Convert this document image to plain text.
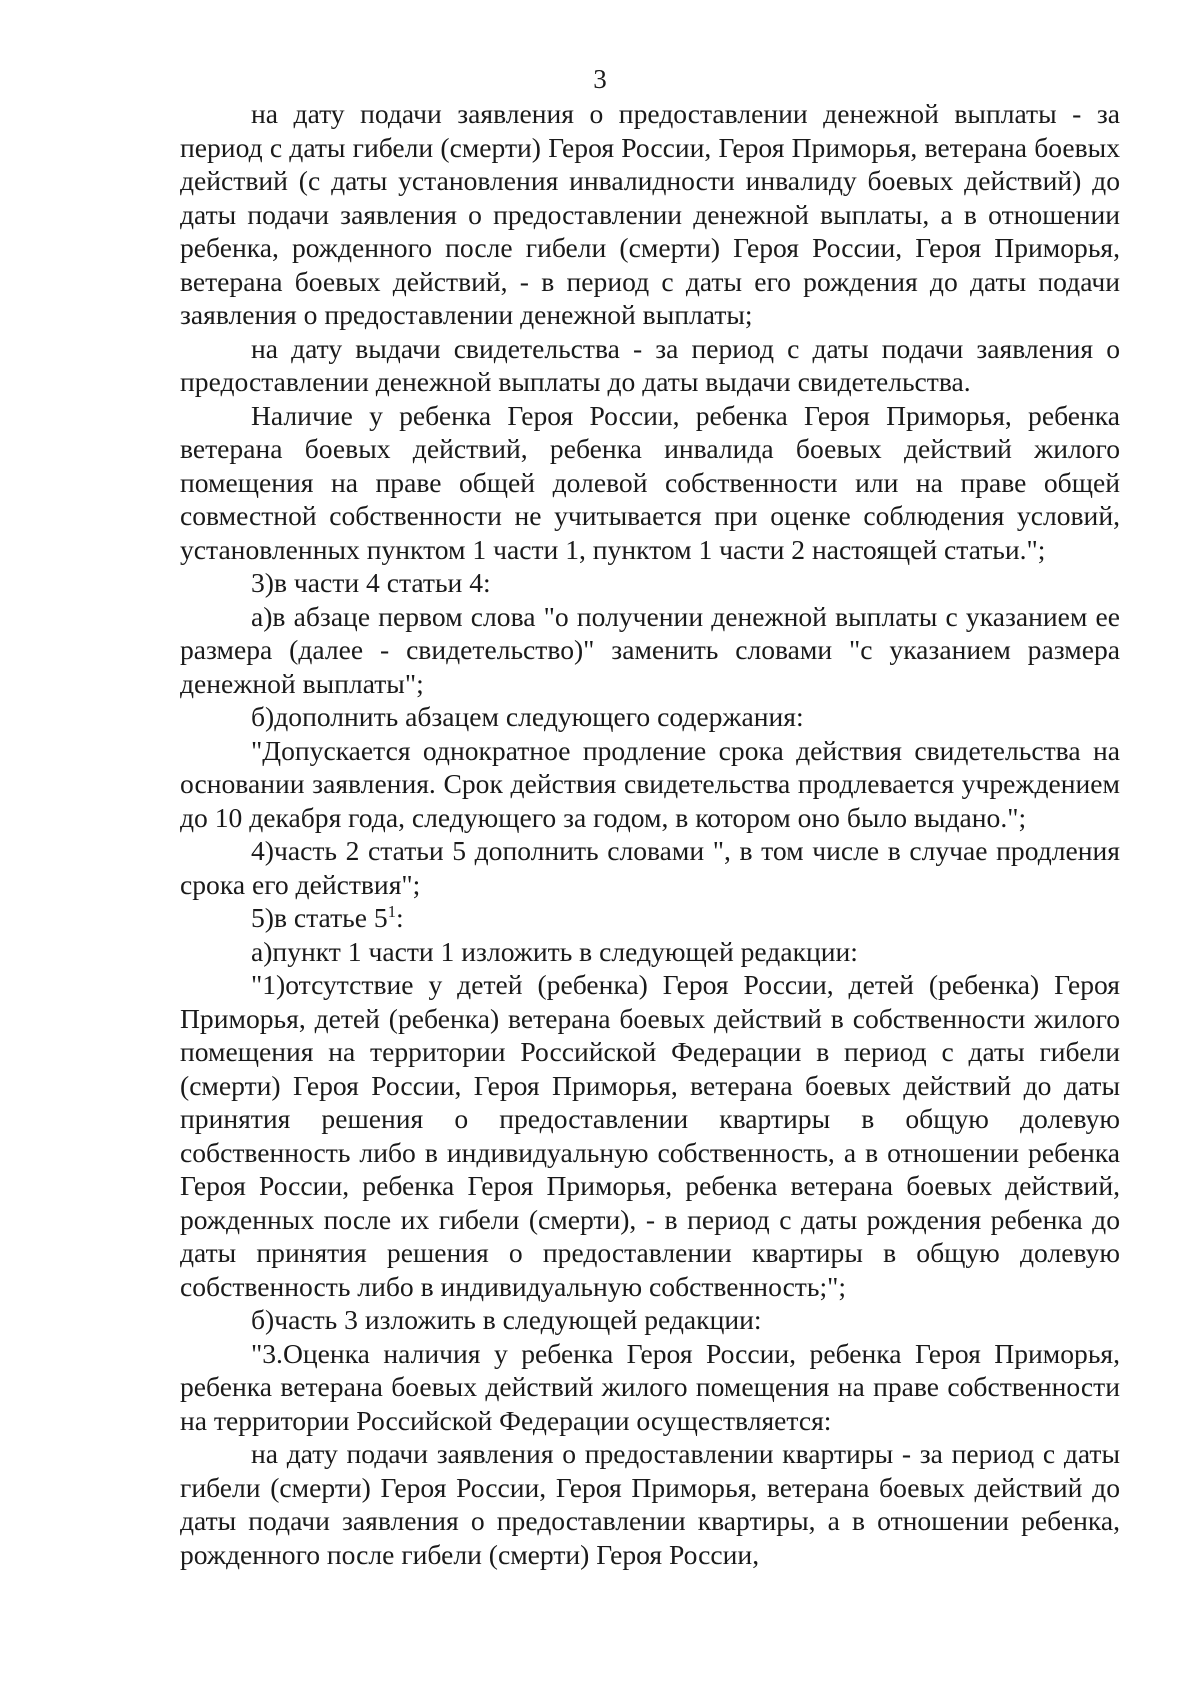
3

на дату подачи заявления о предоставлении денежной выплаты - за период с даты гибели (смерти) Героя России, Героя Приморья, ветерана боевых действий (с даты установления инвалидности инвалиду боевых действий) до даты подачи заявления о предоставлении денежной выплаты, а в отношении ребенка, рожденного после гибели (смерти) Героя России, Героя Приморья, ветерана боевых действий, - в период с даты его рождения до даты подачи заявления о предоставлении денежной выплаты;

на дату выдачи свидетельства - за период с даты подачи заявления о предоставлении денежной выплаты до даты выдачи свидетельства.

Наличие у ребенка Героя России, ребенка Героя Приморья, ребенка ветерана боевых действий, ребенка инвалида боевых действий жилого помещения на праве общей долевой собственности или на праве общей совместной собственности не учитывается при оценке соблюдения условий, установленных пунктом 1 части 1, пунктом 1 части 2 настоящей статьи.";

3)в части 4 статьи 4:

а)в абзаце первом слова "о получении денежной выплаты с указанием ее размера (далее - свидетельство)" заменить словами "с указанием размера денежной выплаты";

б)дополнить абзацем следующего содержания:

"Допускается однократное продление срока действия свидетельства на основании заявления. Срок действия свидетельства продлевается учреждением до 10 декабря года, следующего за годом, в котором оно было выдано.";

4)часть 2 статьи 5 дополнить словами ", в том числе в случае продления срока его действия";

5)в статье $5^1$:

а)пункт 1 части 1 изложить в следующей редакции:

"1)отсутствие у детей (ребенка) Героя России, детей (ребенка) Героя Приморья, детей (ребенка) ветерана боевых действий в собственности жилого помещения на территории Российской Федерации в период с даты гибели (смерти) Героя России, Героя Приморья, ветерана боевых действий до даты принятия решения о предоставлении квартиры в общую долевую собственность либо в индивидуальную собственность, а в отношении ребенка Героя России, ребенка Героя Приморья, ребенка ветерана боевых действий, рожденных после их гибели (смерти), - в период с даты рождения ребенка до даты принятия решения о предоставлении квартиры в общую долевую собственность либо в индивидуальную собственность;";

б)часть 3 изложить в следующей редакции:

"3.Оценка наличия у ребенка Героя России, ребенка Героя Приморья, ребенка ветерана боевых действий жилого помещения на праве собственности на территории Российской Федерации осуществляется:

на дату подачи заявления о предоставлении квартиры - за период с даты гибели (смерти) Героя России, Героя Приморья, ветерана боевых действий до даты подачи заявления о предоставлении квартиры, а в отношении ребенка, рожденного после гибели (смерти) Героя России,
